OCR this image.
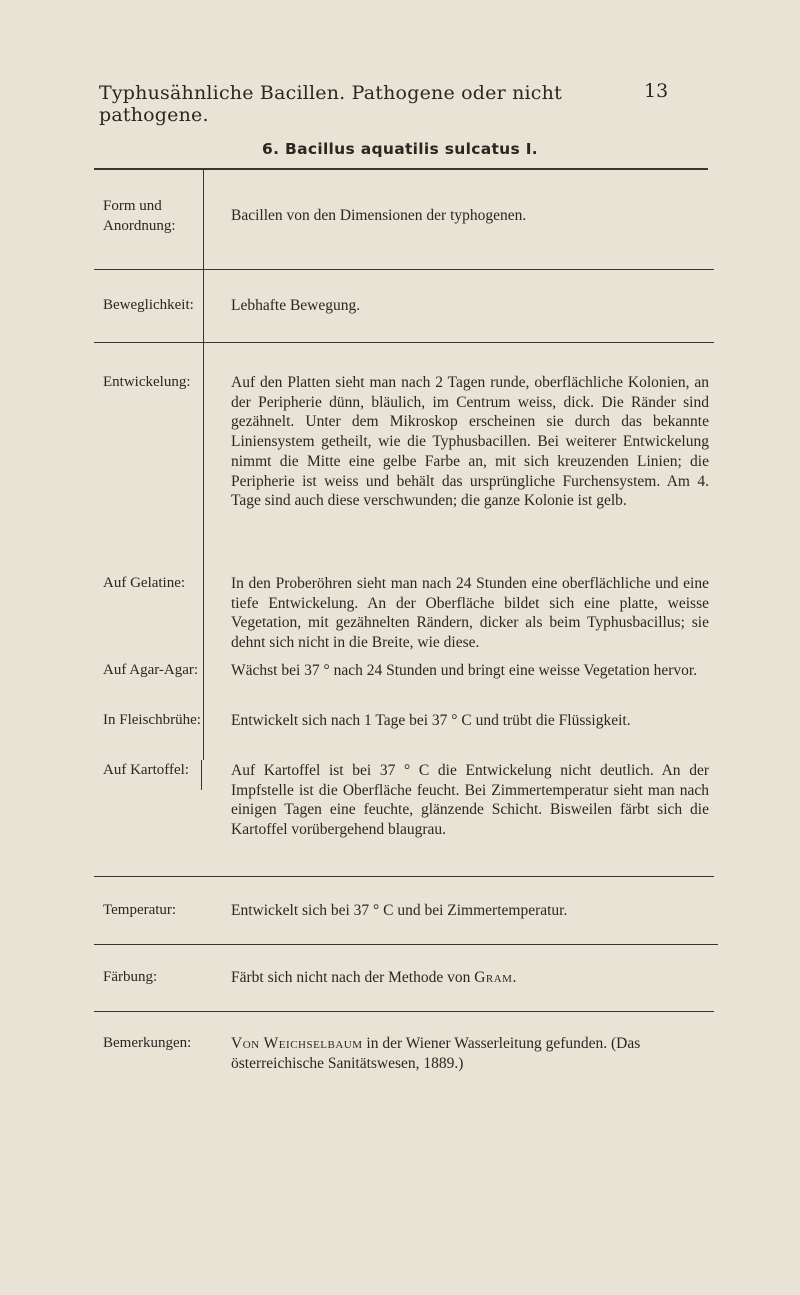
Typhusähnliche Bacillen. Pathogene oder nicht pathogene.
13
6. Bacillus aquatilis sulcatus I.
Form und Anordnung:
Bacillen von den Dimensionen der typhogenen.
Beweglichkeit:	Lebhafte Bewegung.
Entwickelung:	Auf den Platten sieht man nach 2 Tagen runde, oberflächliche Kolonien, an der Peripherie dünn, bläulich, im Centrum weiss, dick. Die Ränder sind gezähnelt. Unter dem Mikroskop erscheinen sie durch das bekannte Liniensystem getheilt, wie die Typhusbacillen. Bei weiterer Entwickelung nimmt die Mitte eine gelbe Farbe an, mit sich kreuzenden Linien; die Peripherie ist weiss und behält das ursprüngliche Furchensystem. Am 4. Tage sind auch diese verschwunden; die ganze Kolonie ist gelb.
Auf Gelatine:	In den Proberöhren sieht man nach 24 Stunden eine oberflächliche und eine tiefe Entwickelung. An der Oberfläche bildet sich eine platte, weisse Vegetation, mit gezähnelten Rändern, dicker als beim Typhusbacillus; sie dehnt sich nicht in die Breite, wie diese.
Auf Agar-Agar:	Wächst bei 37 ° nach 24 Stunden und bringt eine weisse Vegetation hervor.
In Fleischbrühe:	Entwickelt sich nach 1 Tage bei 37 ° C und trübt die Flüssigkeit.
Auf Kartoffel:	Auf Kartoffel ist bei 37 ° C die Entwickelung nicht deutlich. An der Impfstelle ist die Oberfläche feucht. Bei Zimmertemperatur sieht man nach einigen Tagen eine feuchte, glänzende Schicht. Bisweilen färbt sich die Kartoffel vorübergehend blaugrau.
Temperatur:	Entwickelt sich bei 37 ° C und bei Zimmertemperatur.
Färbung:	Färbt sich nicht nach der Methode von Gram.
Bemerkungen:	Von Weichselbaum in der Wiener Wasserleitung gefunden. (Das österreichische Sanitätswesen, 1889.)
